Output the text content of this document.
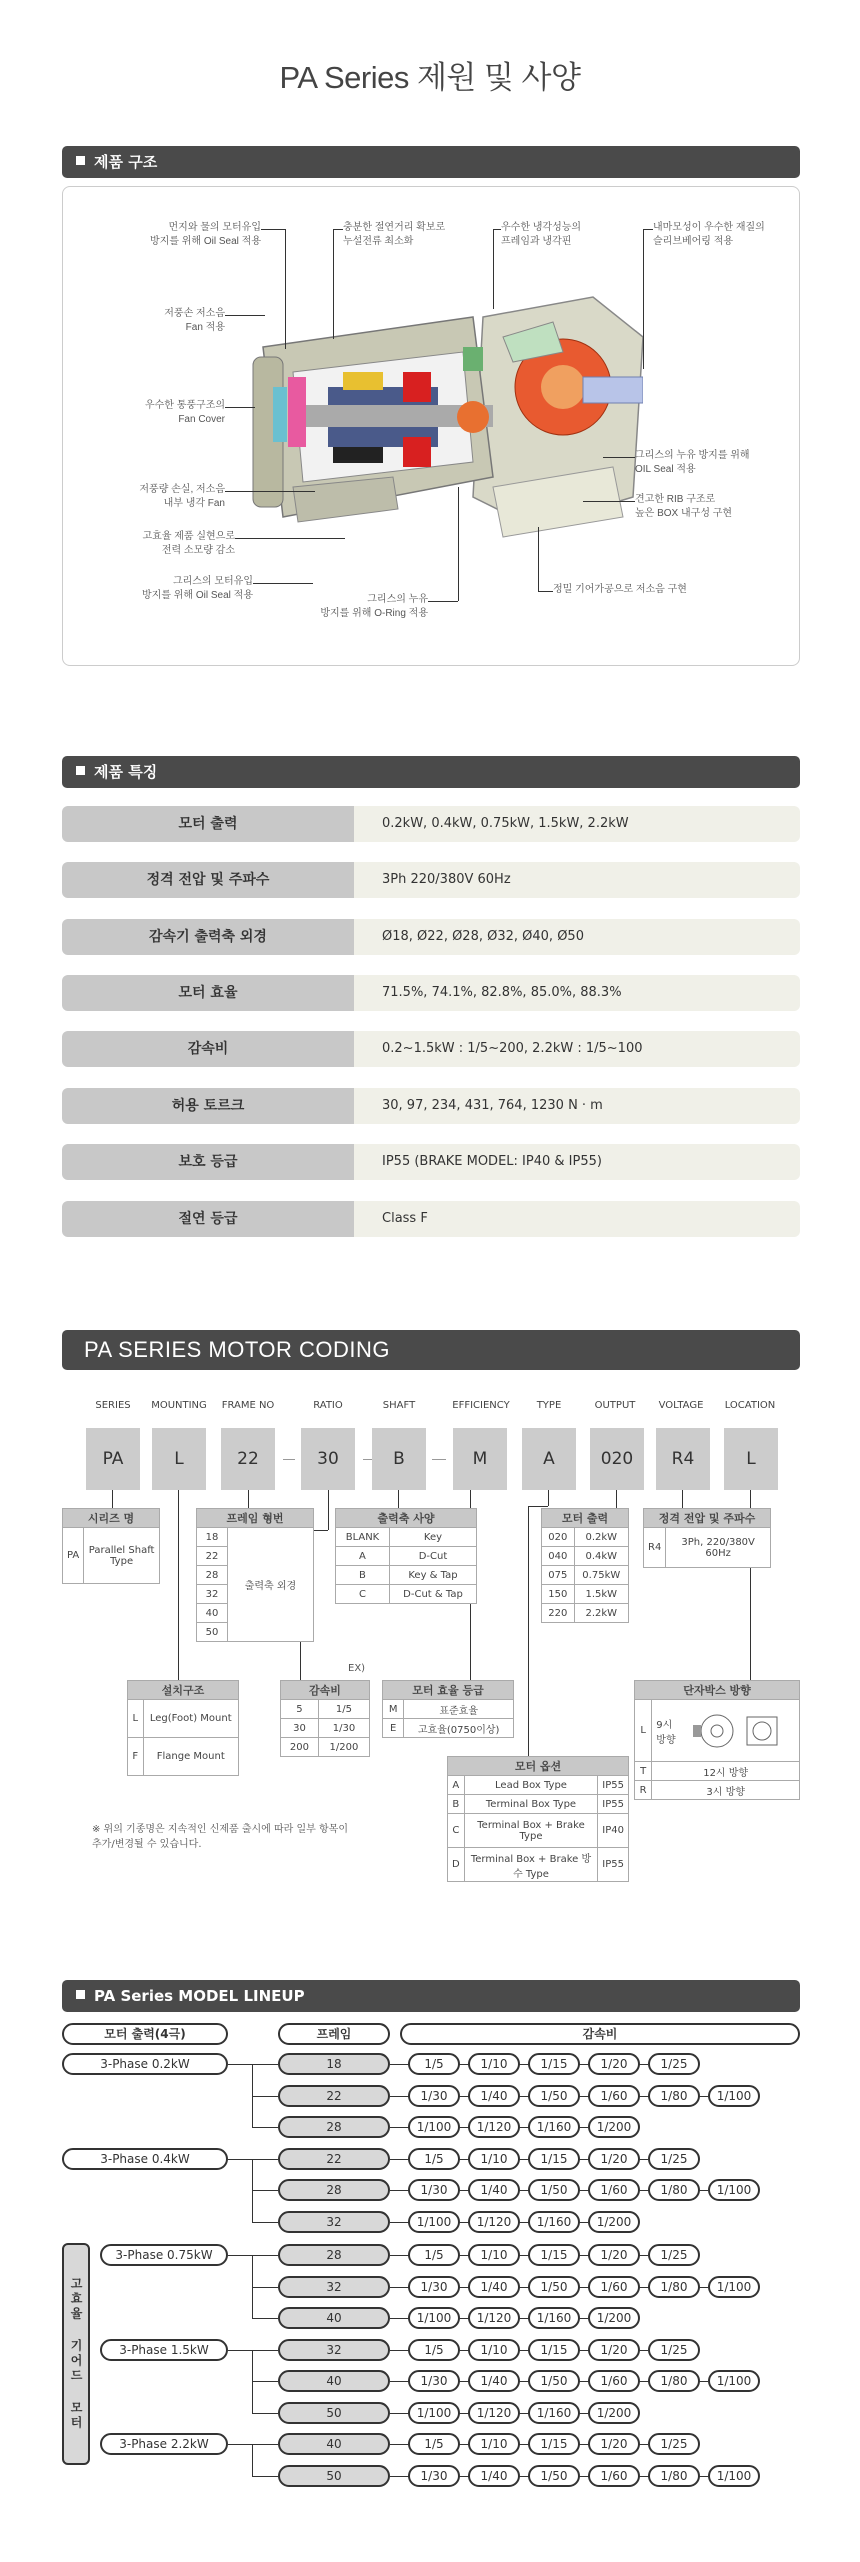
PA Series 제원 및 사양
제품 구조
먼지와 물의 모터유입
방지를 위해 Oil Seal 적용
충분한 절연거리 확보로
누설전류 최소화
우수한 냉각성능의
프레임과 냉각핀
내마모성이 우수한 재질의
슬리브베어링 적용
저풍손 저소음
Fan 적용
우수한 통풍구조의
Fan Cover
저풍량 손실, 저소음
내부 냉각 Fan
고효율 제품 실현으로
전력 소모량 감소
그리스의 모터유입
방지를 위해 Oil Seal 적용	그리스의 누유
방지를 위해 O-Ring 적용
그리스의 누유 방지를 위해
OIL Seal 적용
견고한 RIB 구조로
높은 BOX 내구성 구현
정밀 기어가공으로 저소음 구현
제품 특징
모터 출력	0.2kW, 0.4kW, 0.75kW, 1.5kW, 2.2kW
정격 전압 및 주파수	3Ph 220/380V 60Hz
감속기 출력축 외경	Ø18, Ø22, Ø28, Ø32, Ø40, Ø50
모터 효율	71.5%, 74.1%, 82.8%, 85.0%, 88.3%
감속비	0.2~1.5kW : 1/5~200, 2.2kW : 1/5~100
허용 토르크	30, 97, 234, 431, 764, 1230 N · m
보호 등급	IP55 (BRAKE MODEL: IP40 & IP55)
절연 등급	Class F
PA SERIES MOTOR CODING
SERIES	MOUNTING	FRAME NO	RATIO	SHAFT	EFFICIENCY	TYPE	OUTPUT	VOLTAGE	LOCATION
PA	L	22	30	B	M	A	020	R4	L
EX)
시리즈 명
PA	Parallel Shaft Type
프레임 형번
18	출력축 외경
22
28
32
40
50
출력축 사양	
BLANK	Key
A	D-Cut
B	Key & Tap
C	D-Cut & Tap
모터 출력	
020	0.2kW
040	0.4kW
075	0.75kW
150	1.5kW
220	2.2kW
정격 전압 및 주파수
R4	3Ph, 220/380V 60Hz
설치구조	
L	Leg(Foot) Mount
F	Flange Mount
감속비	
5	1/5
30	1/30
200	1/200
모터 효율 등급	
M	표준효율
E	고효율(0750이상)
모터 옵션		
A	Lead Box Type	IP55
B	Terminal Box Type	IP55
C	Terminal Box + Brake Type	IP40
D	Terminal Box + Brake 방수 Type	IP55
단자박스 방향	
L	9시 방향
T	12시 방향
R	3시 방향
※ 위의 기종명은 지속적인 신제품 출시에 따라 일부 항목이
추가/변경될 수 있습니다.
PA Series MODEL LINEUP
모터 출력(4극)	프레임	감속비
고효율 기어드 모터
3-Phase 0.2kW	18	1/5	1/10	1/15	1/20	1/25
22	1/30	1/40	1/50	1/60	1/80	1/100
28	1/100	1/120	1/160	1/200
3-Phase 0.4kW	22	1/5	1/10	1/15	1/20	1/25
28	1/30	1/40	1/50	1/60	1/80	1/100
32	1/100	1/120	1/160	1/200
3-Phase 0.75kW	28	1/5	1/10	1/15	1/20	1/25
32	1/30	1/40	1/50	1/60	1/80	1/100
40	1/100	1/120	1/160	1/200
3-Phase 1.5kW	32	1/5	1/10	1/15	1/20	1/25
40	1/30	1/40	1/50	1/60	1/80	1/100
50	1/100	1/120	1/160	1/200
3-Phase 2.2kW	40	1/5	1/10	1/15	1/20	1/25
50	1/30	1/40	1/50	1/60	1/80	1/100
